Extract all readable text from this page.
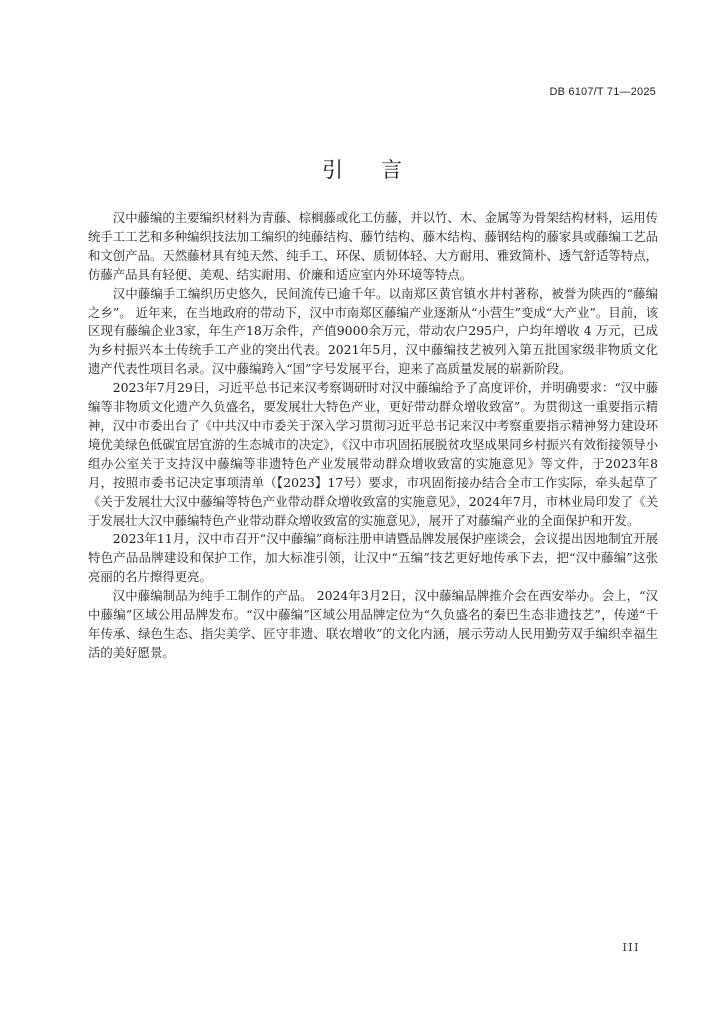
DB 6107/T 71—2025
引言

汉中藤编的主要编织材料为青藤、棕榈藤或化工仿藤，并以竹、木、金属等为骨架结构材料，运用传统手工工艺和多种编织技法加工编织的纯藤结构、藤竹结构、藤木结构、藤钢结构的藤家具或藤编工艺品和文创产品。天然藤材具有纯天然、纯手工、环保、质韧体轻、大方耐用、雅致简朴、透气舒适等特点，仿藤产品具有轻便、美观、结实耐用、价廉和适应室内外环境等特点。

汉中藤编手工编织历史悠久，民间流传已逾千年。以南郑区黄官镇水井村著称，被誉为陕西的“藤编之乡”。 近年来，在当地政府的带动下，汉中市南郑区藤编产业逐渐从“小营生”变成“大产业”。目前，该区现有藤编企业3家，年生产18万余件，产值9000余万元，带动农户295户，户均年增收 4 万元，已成为乡村振兴本土传统手工产业的突出代表。2021年5月，汉中藤编技艺被列入第五批国家级非物质文化遗产代表性项目名录。汉中藤编跨入“国”字号发展平台，迎来了高质量发展的崭新阶段。

2023年7月29日，习近平总书记来汉考察调研时对汉中藤编给予了高度评价，并明确要求：“汉中藤编等非物质文化遗产久负盛名，要发展壮大特色产业，更好带动群众增收致富”。为贯彻这一重要指示精神，汉中市委出台了《中共汉中市委关于深入学习贯彻习近平总书记来汉中考察重要指示精神努力建设环境优美绿色低碳宜居宜游的生态城市的决定》，《汉中市巩固拓展脱贫攻坚成果同乡村振兴有效衔接领导小组办公室关于支持汉中藤编等非遗特色产业发展带动群众增收致富的实施意见》等文件，于2023年8月，按照市委书记决定事项清单（【2023】17号）要求，市巩固衔接办结合全市工作实际，牵头起草了《关于发展壮大汉中藤编等特色产业带动群众增收致富的实施意见》，2024年7月，市林业局印发了《关于发展壮大汉中藤编特色产业带动群众增收致富的实施意见》，展开了对藤编产业的全面保护和开发。

2023年11月，汉中市召开“汉中藤编”商标注册申请暨品牌发展保护座谈会，会议提出因地制宜开展特色产品品牌建设和保护工作，加大标准引领，让汉中“五编”技艺更好地传承下去，把“汉中藤编”这张亮丽的名片擦得更亮。

汉中藤编制品为纯手工制作的产品。 2024年3月2日，汉中藤编品牌推介会在西安举办。会上，“汉中藤编”区域公用品牌发布。“汉中藤编”区域公用品牌定位为“久负盛名的秦巴生态非遗技艺”，传递“千年传承、绿色生态、指尖美学、匠守非遗、联农增收”的文化内涵，展示劳动人民用勤劳双手编织幸福生活的美好愿景。

III
